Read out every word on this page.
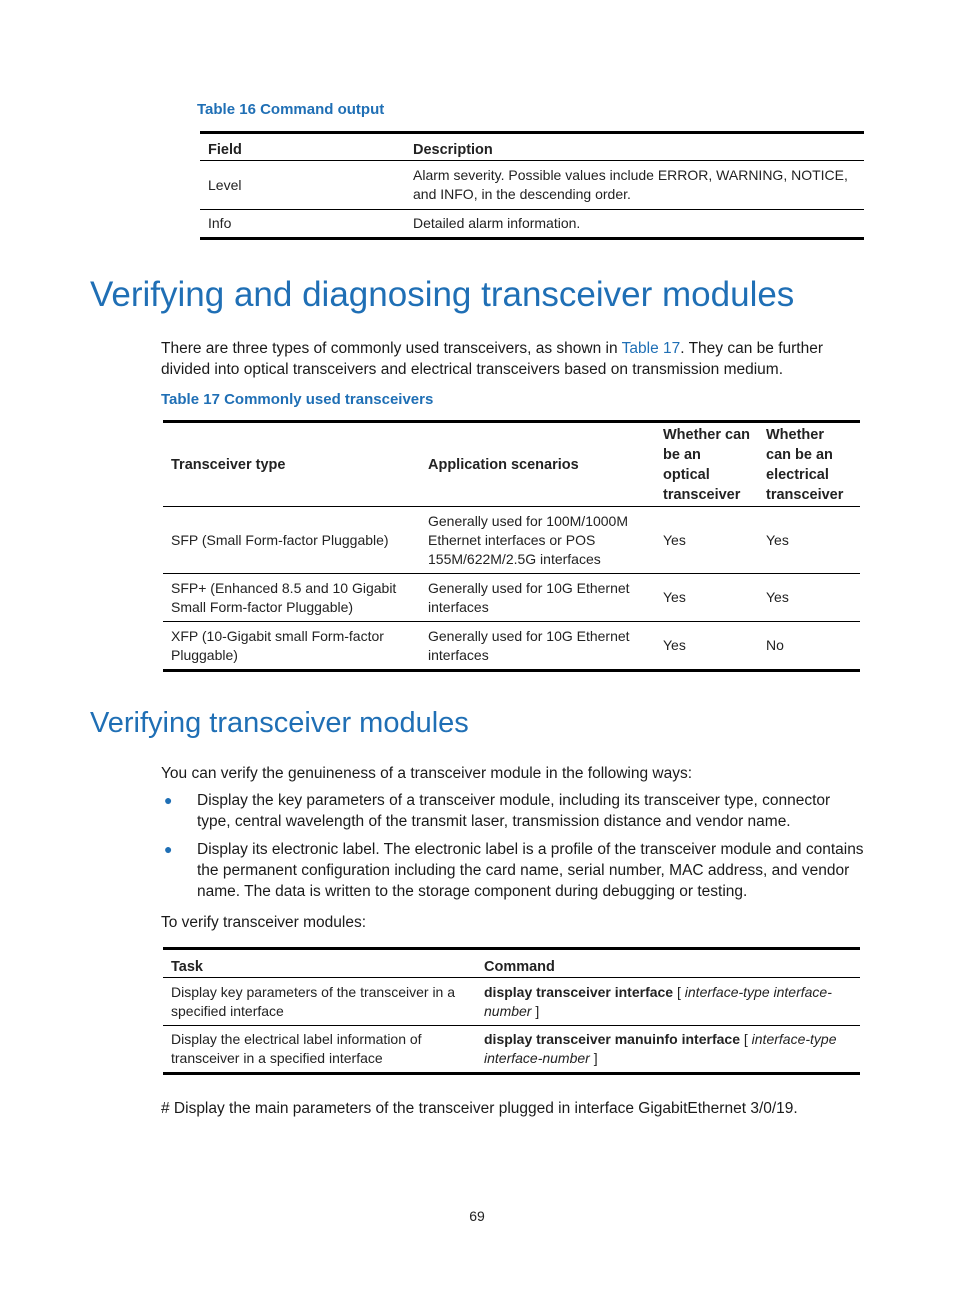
Table 16 Command output
Field	Description
Level	Alarm severity. Possible values include ERROR, WARNING, NOTICE, and INFO, in the descending order.
Info	Detailed alarm information.
Verifying and diagnosing transceiver modules

There are three types of commonly used transceivers, as shown in Table 17. They can be further divided into optical transceivers and electrical transceivers based on transmission medium.

Table 17 Commonly used transceivers
Transceiver type	Application scenarios	Whether can be an optical transceiver	Whether can be an electrical transceiver
SFP (Small Form-factor Pluggable)	Generally used for 100M/1000M Ethernet interfaces or POS 155M/622M/2.5G interfaces	Yes	Yes
SFP+ (Enhanced 8.5 and 10 Gigabit Small Form-factor Pluggable)	Generally used for 10G Ethernet interfaces	Yes	Yes
XFP (10-Gigabit small Form-factor Pluggable)	Generally used for 10G Ethernet interfaces	Yes	No
Verifying transceiver modules

You can verify the genuineness of a transceiver module in the following ways:

● Display the key parameters of a transceiver module, including its transceiver type, connector type, central wavelength of the transmit laser, transmission distance and vendor name.
● Display its electronic label. The electronic label is a profile of the transceiver module and contains the permanent configuration including the card name, serial number, MAC address, and vendor name. The data is written to the storage component during debugging or testing.

To verify transceiver modules:

Task	Command
Display key parameters of the transceiver in a specified interface	display transceiver interface [ interface-type interface-number ]
Display the electrical label information of transceiver in a specified interface	display transceiver manuinfo interface [ interface-type interface-number ]

# Display the main parameters of the transceiver plugged in interface GigabitEthernet 3/0/19.

69
